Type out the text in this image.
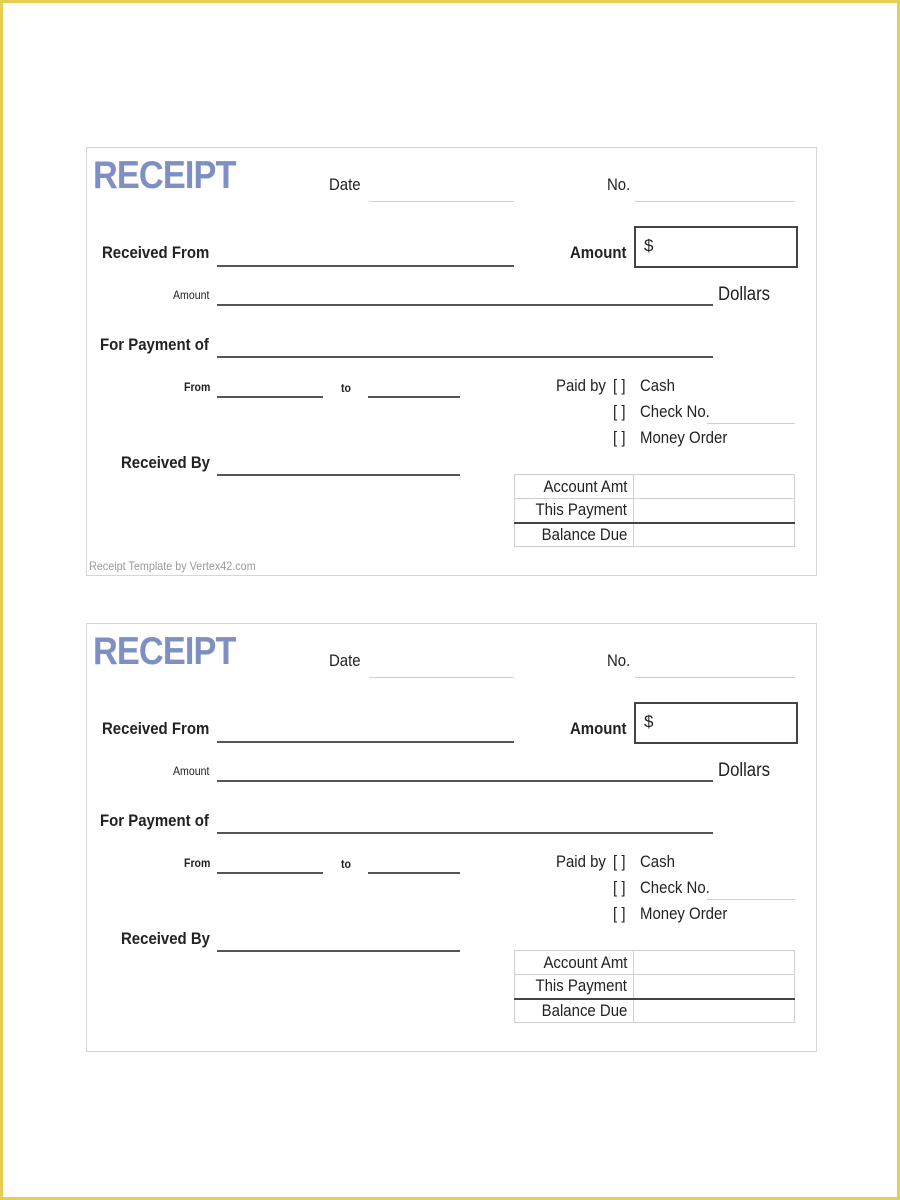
RECEIPT	Date	No.
Received From	Amount $
Amount	Dollars
For Payment of
From	to	Paid by [ ] Cash
[ ] Check No.
[ ] Money Order
Received By
Account Amt	
This Payment	
Balance Due	
Receipt Template by Vertex42.com
RECEIPT	Date	No.
Received From	Amount $
Amount	Dollars
For Payment of
From	to	Paid by [ ] Cash
[ ] Check No.
[ ] Money Order
Received By
Account Amt	
This Payment	
Balance Due	
